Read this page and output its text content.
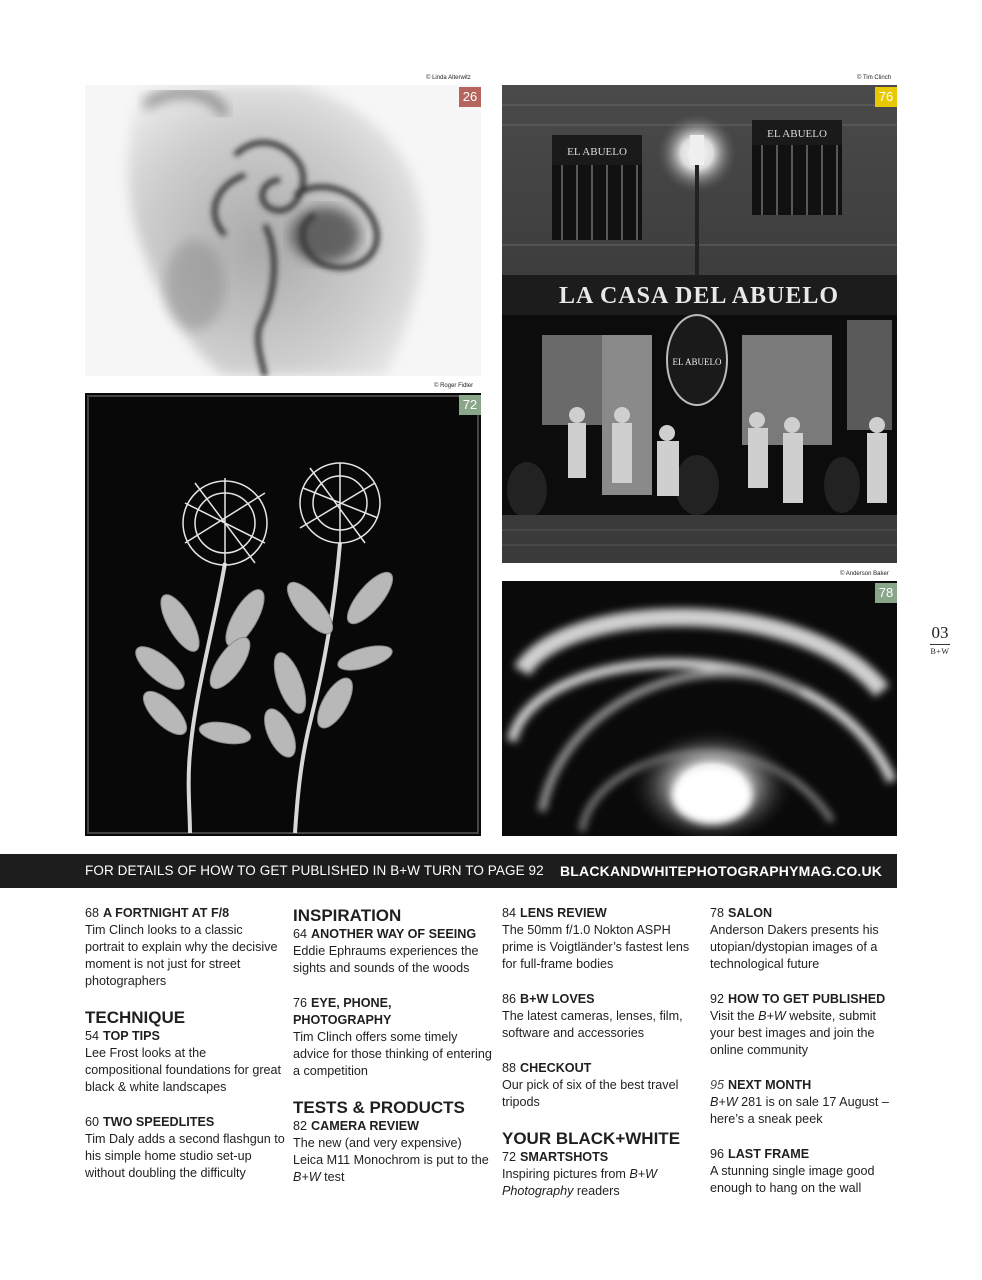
© Linda Alterwitz
26
© Tim Clinch
EL ABUELO
EL ABUELO
LA CASA DEL ABUELO
EL ABUELO
76
© Roger Fidler
72
© Anderson Baker
78
03
B+W
FOR DETAILS OF HOW TO GET PUBLISHED IN B+W TURN TO PAGE 92 BLACKANDWHITEPHOTOGRAPHYMAG.CO.UK
68 A FORTNIGHT AT F/8
Tim Clinch looks to a classic portrait to explain why the decisive moment is not just for street photographers
TECHNIQUE
54 TOP TIPS
Lee Frost looks at the compositional foundations for great black & white landscapes
60 TWO SPEEDLITES
Tim Daly adds a second flashgun to his simple home studio set-up without doubling the difficulty
INSPIRATION
64 ANOTHER WAY OF SEEING
Eddie Ephraums experiences the sights and sounds of the woods
76 EYE, PHONE, PHOTOGRAPHY
Tim Clinch offers some timely advice for those thinking of entering a competition
TESTS & PRODUCTS
82 CAMERA REVIEW
The new (and very expensive) Leica M11 Monochrom is put to the B+W test
84 LENS REVIEW
The 50mm f/1.0 Nokton ASPH prime is Voigtländer’s fastest lens for full-frame bodies
86 B+W LOVES
The latest cameras, lenses, film, software and accessories
88 CHECKOUT
Our pick of six of the best travel tripods
YOUR BLACK+WHITE
72 SMARTSHOTS
Inspiring pictures from B+W Photography readers
78 SALON
Anderson Dakers presents his utopian/dystopian images of a technological future
92 HOW TO GET PUBLISHED
Visit the B+W website, submit your best images and join the online community
95 NEXT MONTH
B+W 281 is on sale 17 August – here’s a sneak peek
96 LAST FRAME
A stunning single image good enough to hang on the wall
